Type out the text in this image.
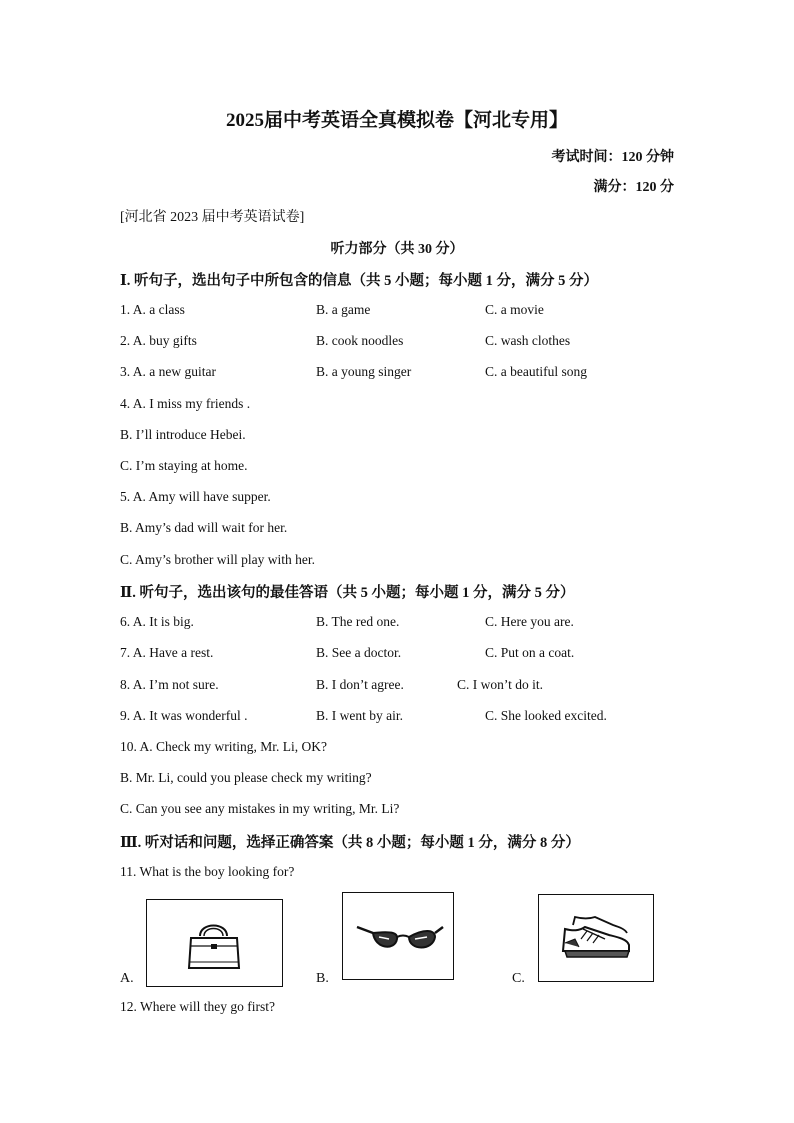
2025届中考英语全真模拟卷【河北专用】
考试时间：120 分钟
满分：120 分
[河北省 2023 届中考英语试卷]
听力部分（共 30 分）
Ⅰ. 听句子，选出句子中所包含的信息（共 5 小题；每小题 1 分，满分 5 分）
1. A. a class	B. a game	C. a movie
2. A. buy gifts	B. cook noodles	C. wash clothes
3. A. a new guitar	B. a young singer	C. a beautiful song
4. A. I miss my friends .
B. I’ll introduce Hebei.
C. I’m staying at home.
5. A. Amy will have supper.
B. Amy’s dad will wait for her.
C. Amy’s brother will play with her.
Ⅱ. 听句子，选出该句的最佳答语（共 5 小题；每小题 1 分，满分 5 分）
6. A. It is big.	B. The red one.	C. Here you are.
7. A. Have a rest.	B. See a doctor.	C. Put on a coat.
8. A. I’m not sure.	B. I don’t agree.	C. I won’t do it.
9. A. It was wonderful .	B. I went by air.	C. She looked excited.
10. A. Check my writing, Mr. Li, OK?
B. Mr. Li, could you please check my writing?
C. Can you see any mistakes in my writing, Mr. Li?
Ⅲ. 听对话和问题，选择正确答案（共 8 小题；每小题 1 分，满分 8 分）
11. What is the boy looking for?
A.	B.	C.
12. Where will they go first?
